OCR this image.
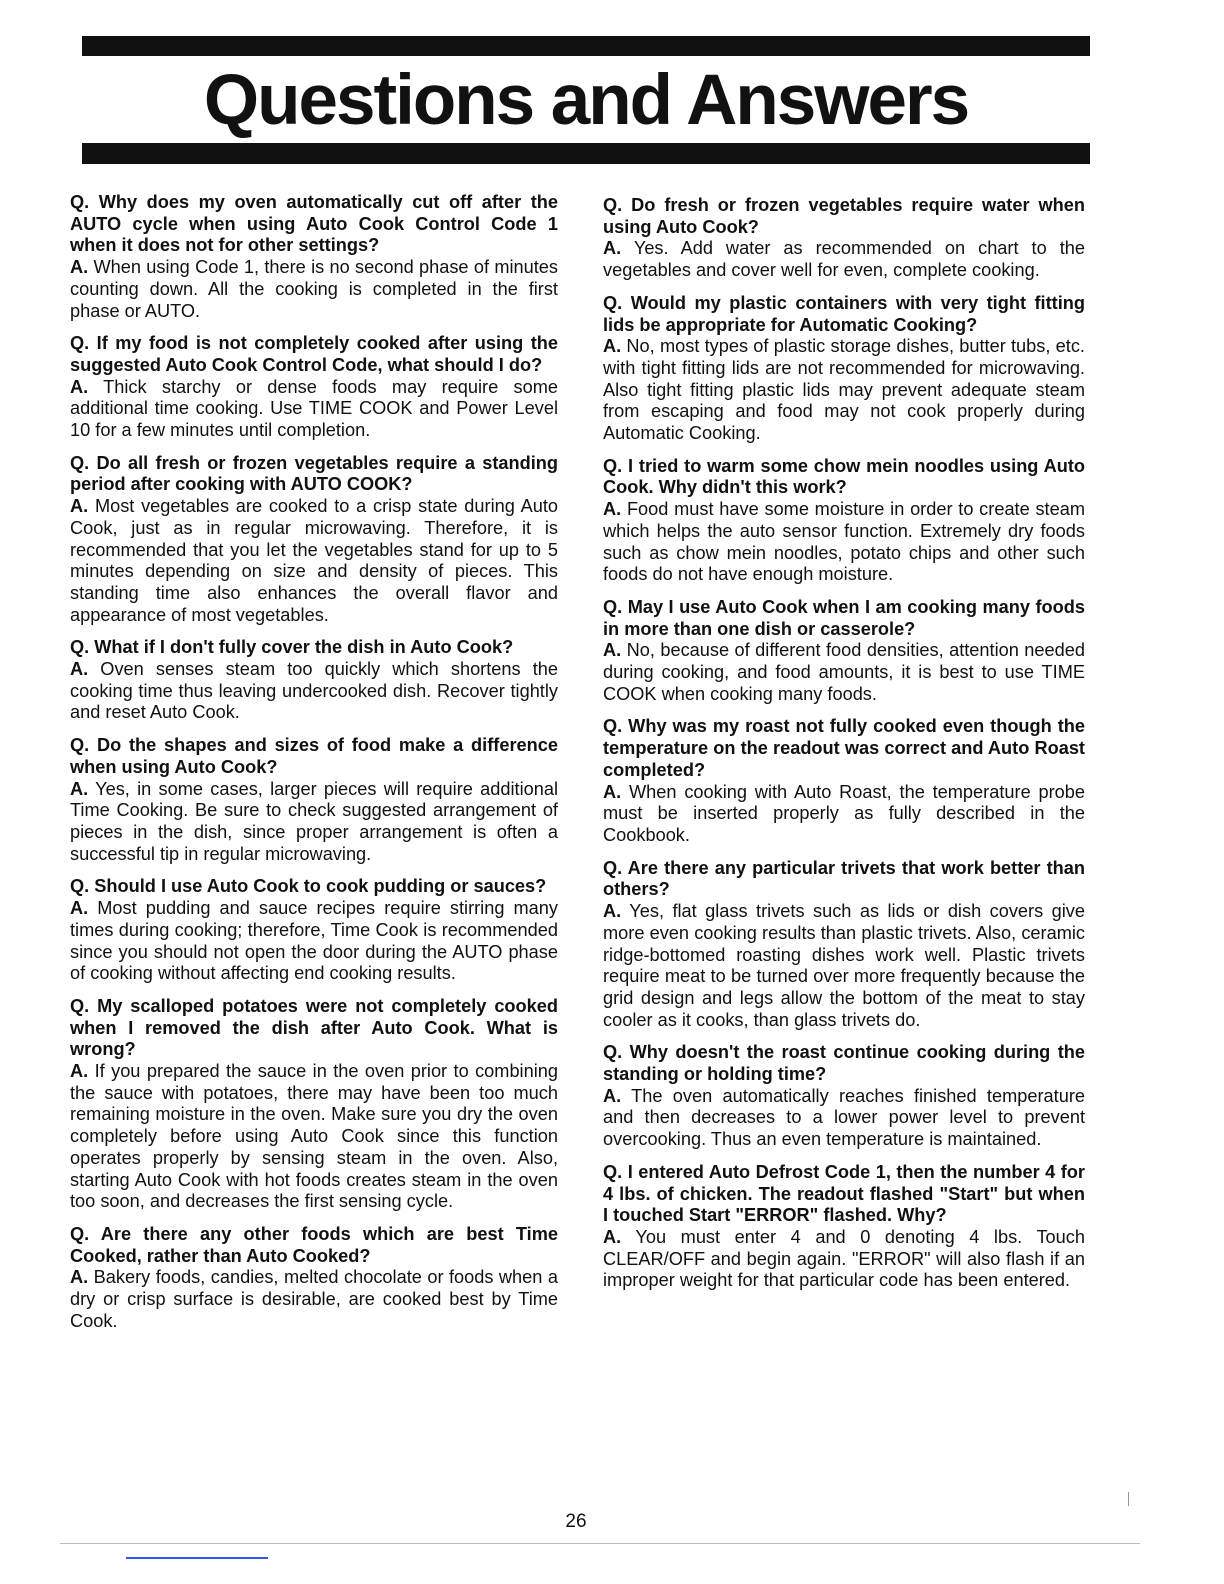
Questions and Answers

Q. Why does my oven automatically cut off after the AUTO cycle when using Auto Cook Control Code 1 when it does not for other settings?

A. When using Code 1, there is no second phase of minutes counting down. All the cooking is completed in the first phase or AUTO.

Q. If my food is not completely cooked after using the suggested Auto Cook Control Code, what should I do?

A. Thick starchy or dense foods may require some additional time cooking. Use TIME COOK and Power Level 10 for a few minutes until completion.

Q. Do all fresh or frozen vegetables require a standing period after cooking with AUTO COOK?

A. Most vegetables are cooked to a crisp state during Auto Cook, just as in regular microwaving. Therefore, it is recommended that you let the vegetables stand for up to 5 minutes depending on size and density of pieces. This standing time also enhances the overall flavor and appearance of most vegetables.

Q. What if I don't fully cover the dish in Auto Cook?

A. Oven senses steam too quickly which shortens the cooking time thus leaving undercooked dish. Recover tightly and reset Auto Cook.

Q. Do the shapes and sizes of food make a difference when using Auto Cook?

A. Yes, in some cases, larger pieces will require additional Time Cooking. Be sure to check suggested arrangement of pieces in the dish, since proper arrangement is often a successful tip in regular microwaving.

Q. Should I use Auto Cook to cook pudding or sauces?

A. Most pudding and sauce recipes require stirring many times during cooking; therefore, Time Cook is recommended since you should not open the door during the AUTO phase of cooking without affecting end cooking results.

Q. My scalloped potatoes were not completely cooked when I removed the dish after Auto Cook. What is wrong?

A. If you prepared the sauce in the oven prior to combining the sauce with potatoes, there may have been too much remaining moisture in the oven. Make sure you dry the oven completely before using Auto Cook since this function operates properly by sensing steam in the oven. Also, starting Auto Cook with hot foods creates steam in the oven too soon, and decreases the first sensing cycle.

Q. Are there any other foods which are best Time Cooked, rather than Auto Cooked?

A. Bakery foods, candies, melted chocolate or foods when a dry or crisp surface is desirable, are cooked best by Time Cook.

Q. Do fresh or frozen vegetables require water when using Auto Cook?

A. Yes. Add water as recommended on chart to the vegetables and cover well for even, complete cooking.

Q. Would my plastic containers with very tight fitting lids be appropriate for Automatic Cooking?

A. No, most types of plastic storage dishes, butter tubs, etc. with tight fitting lids are not recommended for microwaving. Also tight fitting plastic lids may prevent adequate steam from escaping and food may not cook properly during Automatic Cooking.

Q. I tried to warm some chow mein noodles using Auto Cook. Why didn't this work?

A. Food must have some moisture in order to create steam which helps the auto sensor function. Extremely dry foods such as chow mein noodles, potato chips and other such foods do not have enough moisture.

Q. May I use Auto Cook when I am cooking many foods in more than one dish or casserole?

A. No, because of different food densities, attention needed during cooking, and food amounts, it is best to use TIME COOK when cooking many foods.

Q. Why was my roast not fully cooked even though the temperature on the readout was correct and Auto Roast completed?

A. When cooking with Auto Roast, the temperature probe must be inserted properly as fully described in the Cookbook.

Q. Are there any particular trivets that work better than others?

A. Yes, flat glass trivets such as lids or dish covers give more even cooking results than plastic trivets. Also, ceramic ridge-bottomed roasting dishes work well. Plastic trivets require meat to be turned over more frequently because the grid design and legs allow the bottom of the meat to stay cooler as it cooks, than glass trivets do.

Q. Why doesn't the roast continue cooking during the standing or holding time?

A. The oven automatically reaches finished temperature and then decreases to a lower power level to prevent overcooking. Thus an even temperature is maintained.

Q. I entered Auto Defrost Code 1, then the number 4 for 4 lbs. of chicken. The readout flashed "Start" but when I touched Start "ERROR" flashed. Why?

A. You must enter 4 and 0 denoting 4 lbs. Touch CLEAR/OFF and begin again. "ERROR" will also flash if an improper weight for that particular code has been entered.

26
